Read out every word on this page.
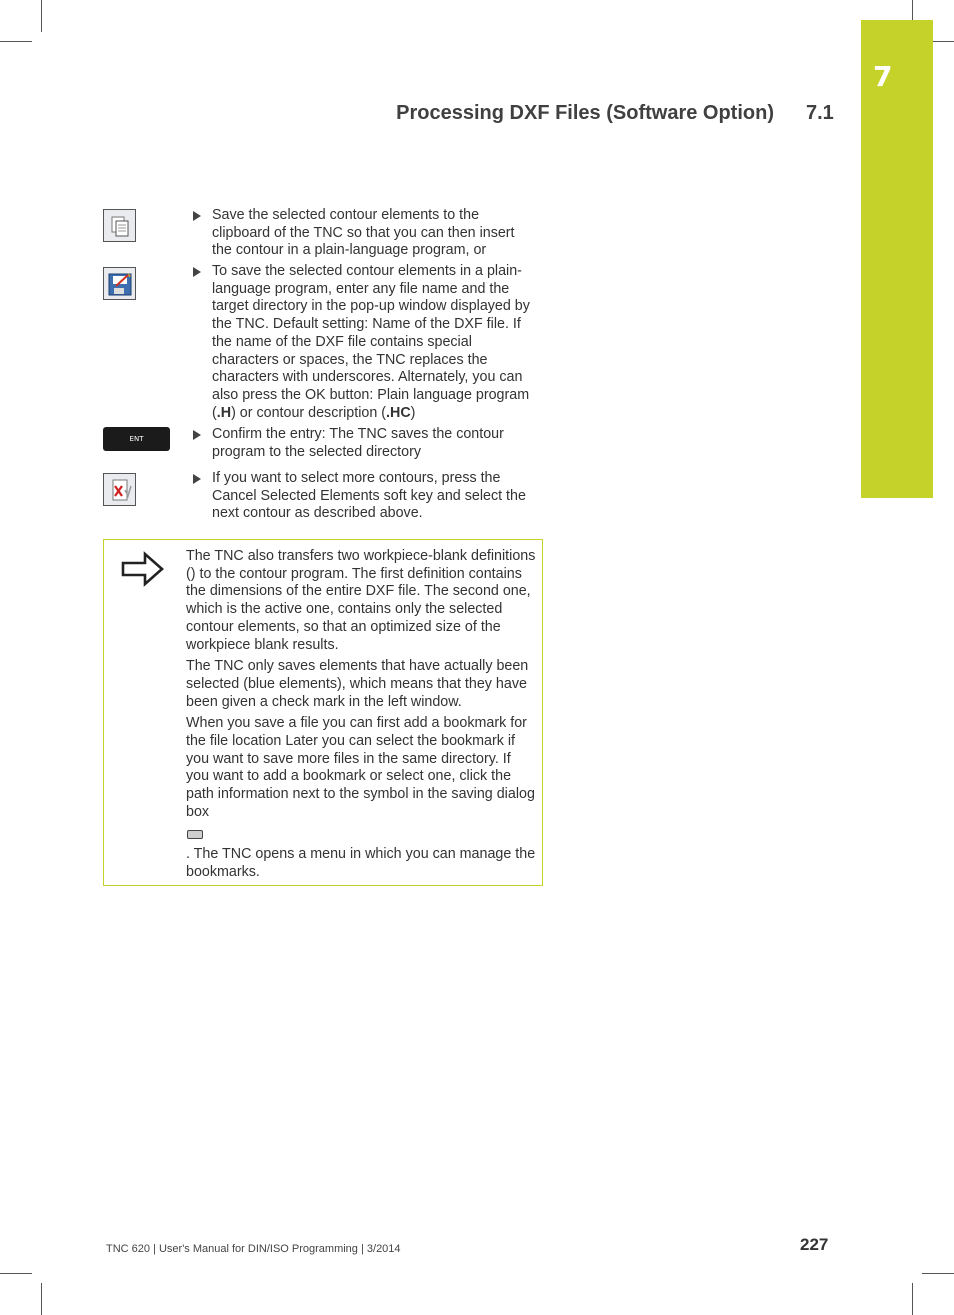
7
Processing DXF Files (Software Option) 7.1
ENT
Save the selected contour elements to the clipboard of the TNC so that you can then insert the contour in a plain-language program, or
To save the selected contour elements in a plain-language program, enter any file name and the target directory in the pop-up window displayed by the TNC. Default setting: Name of the DXF file. If the name of the DXF file contains special characters or spaces, the TNC replaces the characters with underscores. Alternately, you can also press the OK button: Plain language program (.H) or contour description (.HC)
Confirm the entry: The TNC saves the contour program to the selected directory
If you want to select more contours, press the Cancel Selected Elements soft key and select the next contour as described above.

The TNC also transfers two workpiece-blank definitions () to the contour program. The first definition contains the dimensions of the entire DXF file. The second one, which is the active one, contains only the selected contour elements, so that an optimized size of the workpiece blank results.

The TNC only saves elements that have actually been selected (blue elements), which means that they have been given a check mark in the left window.

When you save a file you can first add a bookmark for the file location Later you can select the bookmark if you want to save more files in the same directory. If you want to add a bookmark or select one, click the path information next to the symbol in the saving dialog box

. The TNC opens a menu in which you can manage the bookmarks.

TNC 620 | User's Manual for DIN/ISO Programming | 3/2014	227
